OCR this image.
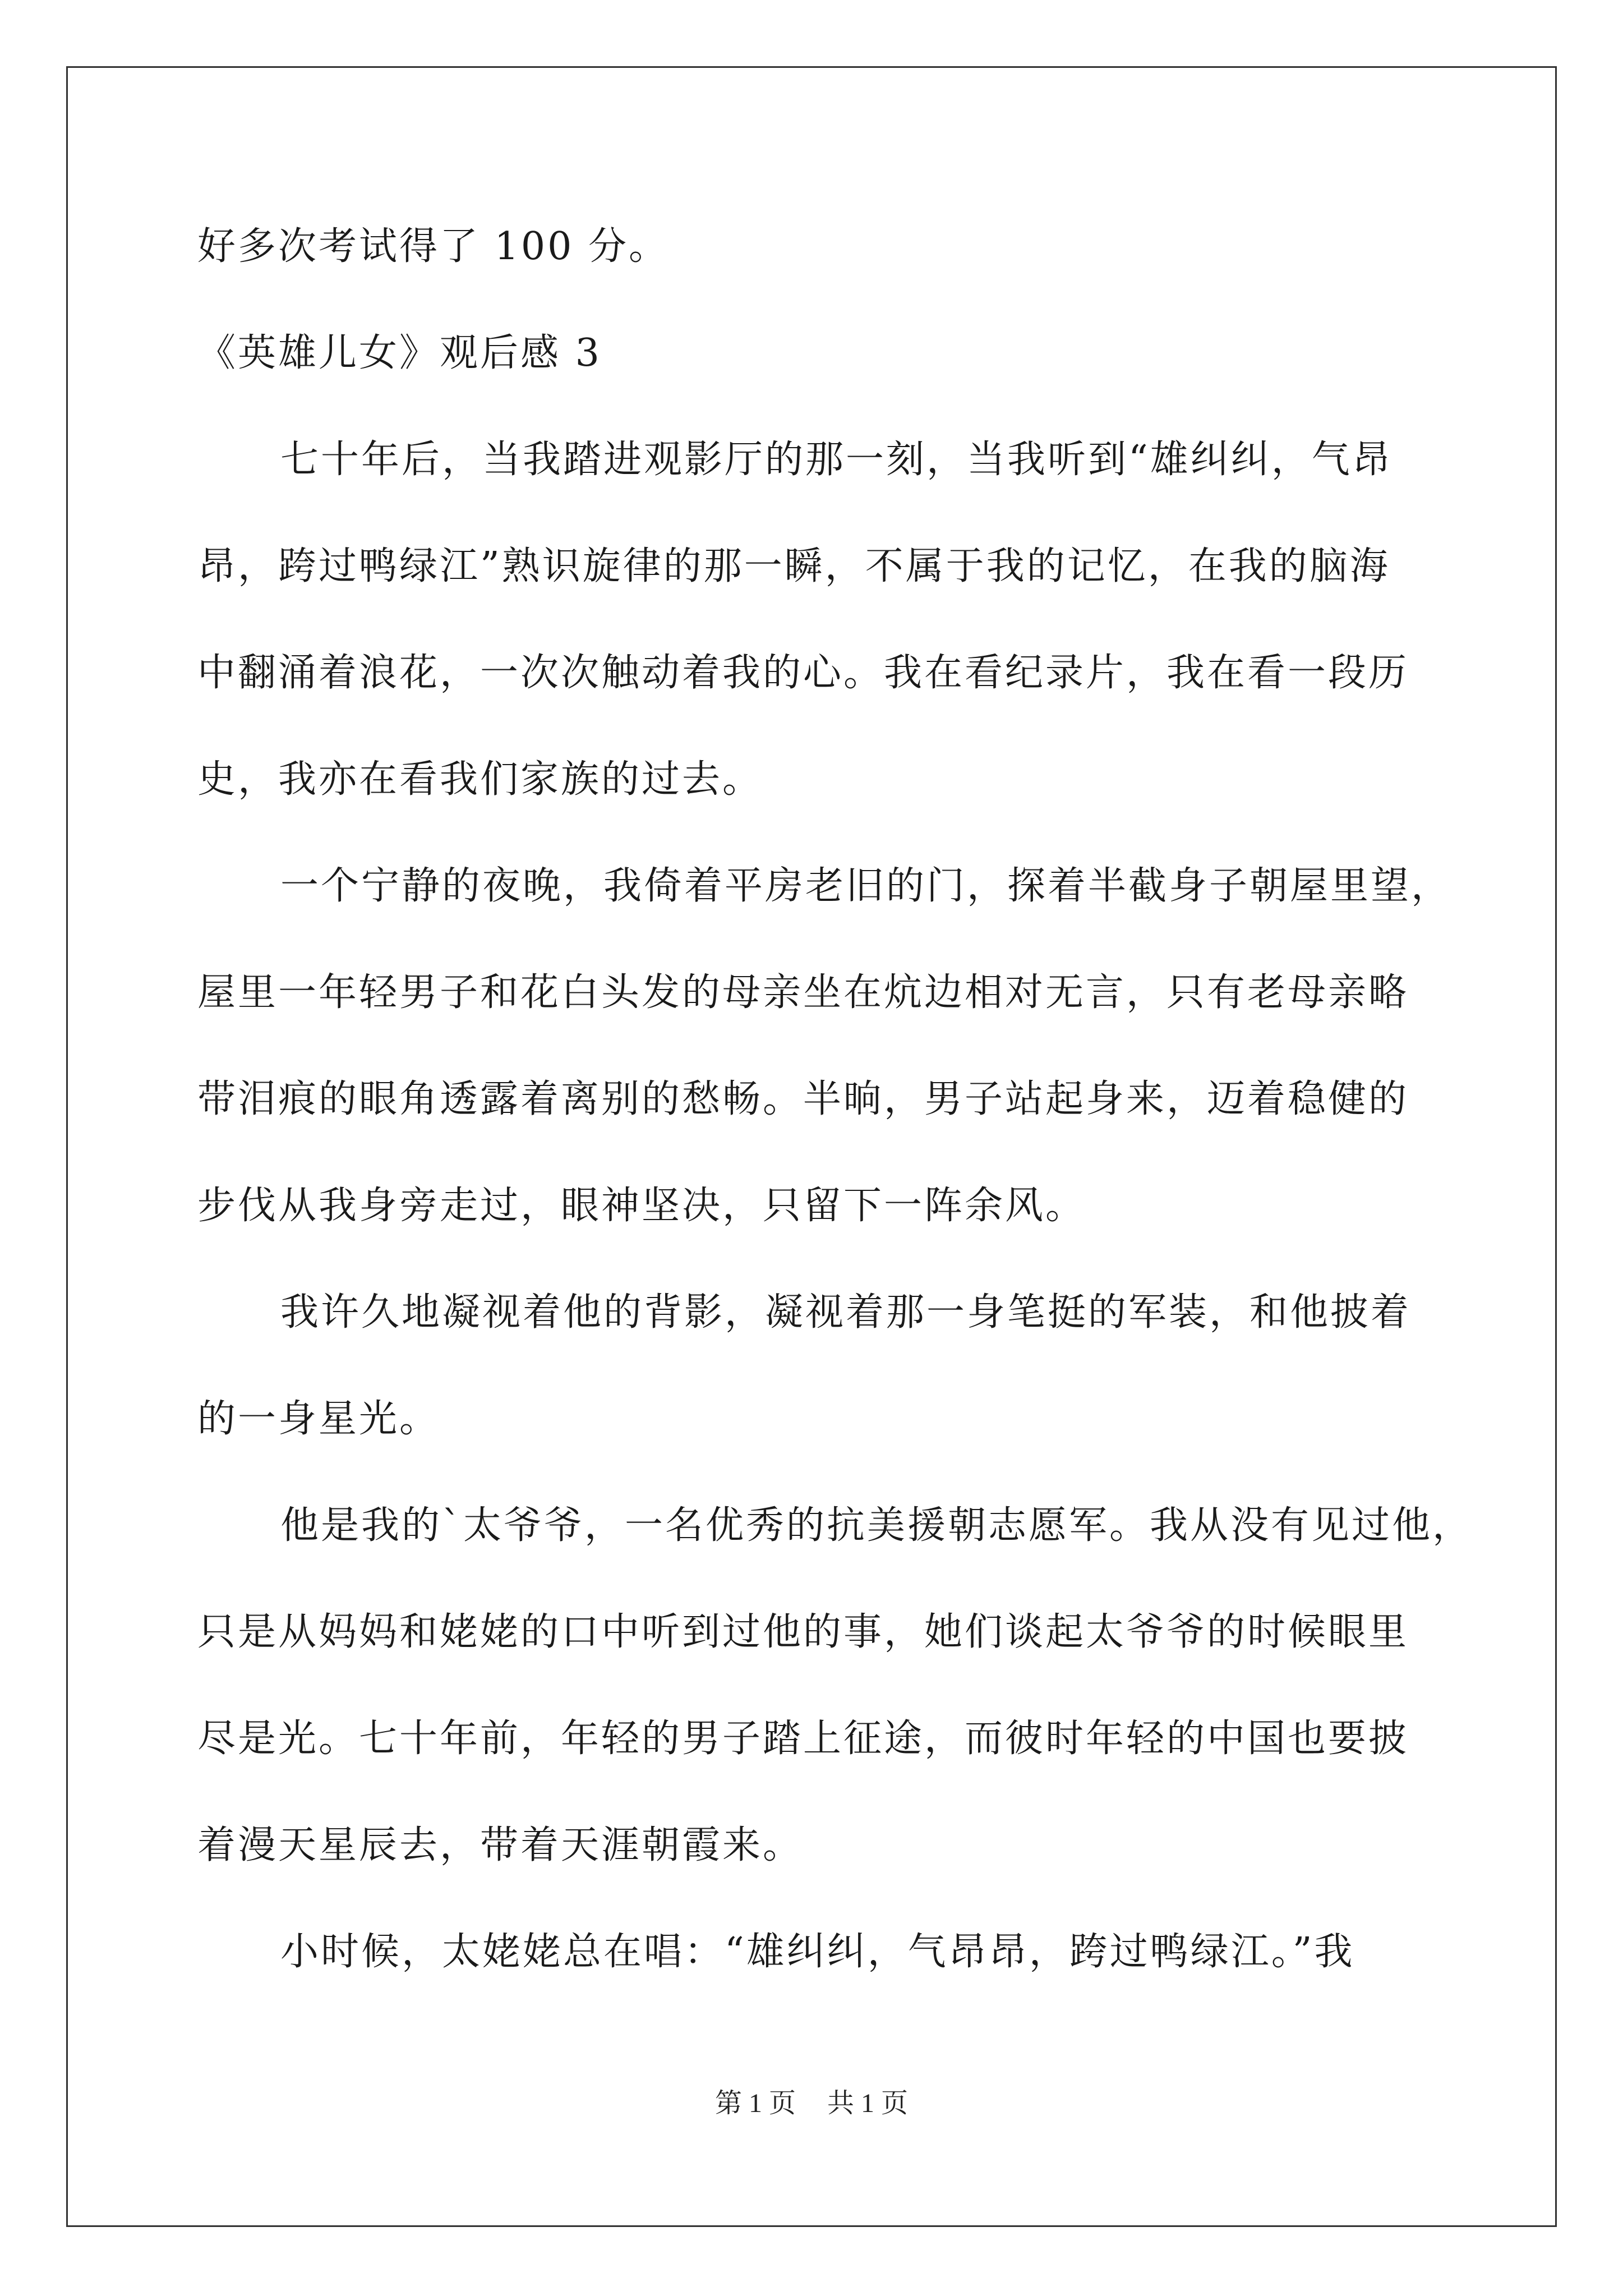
好多次考试得了 100 分。
《英雄儿女》观后感 3
七十年后，当我踏进观影厅的那一刻，当我听到“雄纠纠，气昂
昂，跨过鸭绿江”熟识旋律的那一瞬，不属于我的记忆，在我的脑海
中翻涌着浪花，一次次触动着我的心。我在看纪录片，我在看一段历
史，我亦在看我们家族的过去。
一个宁静的夜晚，我倚着平房老旧的门，探着半截身子朝屋里望，
屋里一年轻男子和花白头发的母亲坐在炕边相对无言，只有老母亲略
带泪痕的眼角透露着离别的愁畅。半晌，男子站起身来，迈着稳健的
步伐从我身旁走过，眼神坚决，只留下一阵余风。
我许久地凝视着他的背影，凝视着那一身笔挺的军装，和他披着
的一身星光。
他是我的`太爷爷，一名优秀的抗美援朝志愿军。我从没有见过他，
只是从妈妈和姥姥的口中听到过他的事，她们谈起太爷爷的时候眼里
尽是光。七十年前，年轻的男子踏上征途，而彼时年轻的中国也要披
着漫天星辰去，带着天涯朝霞来。
小时候，太姥姥总在唱：“雄纠纠，气昂昂，跨过鸭绿江。”我
第 1 页 共 1 页
